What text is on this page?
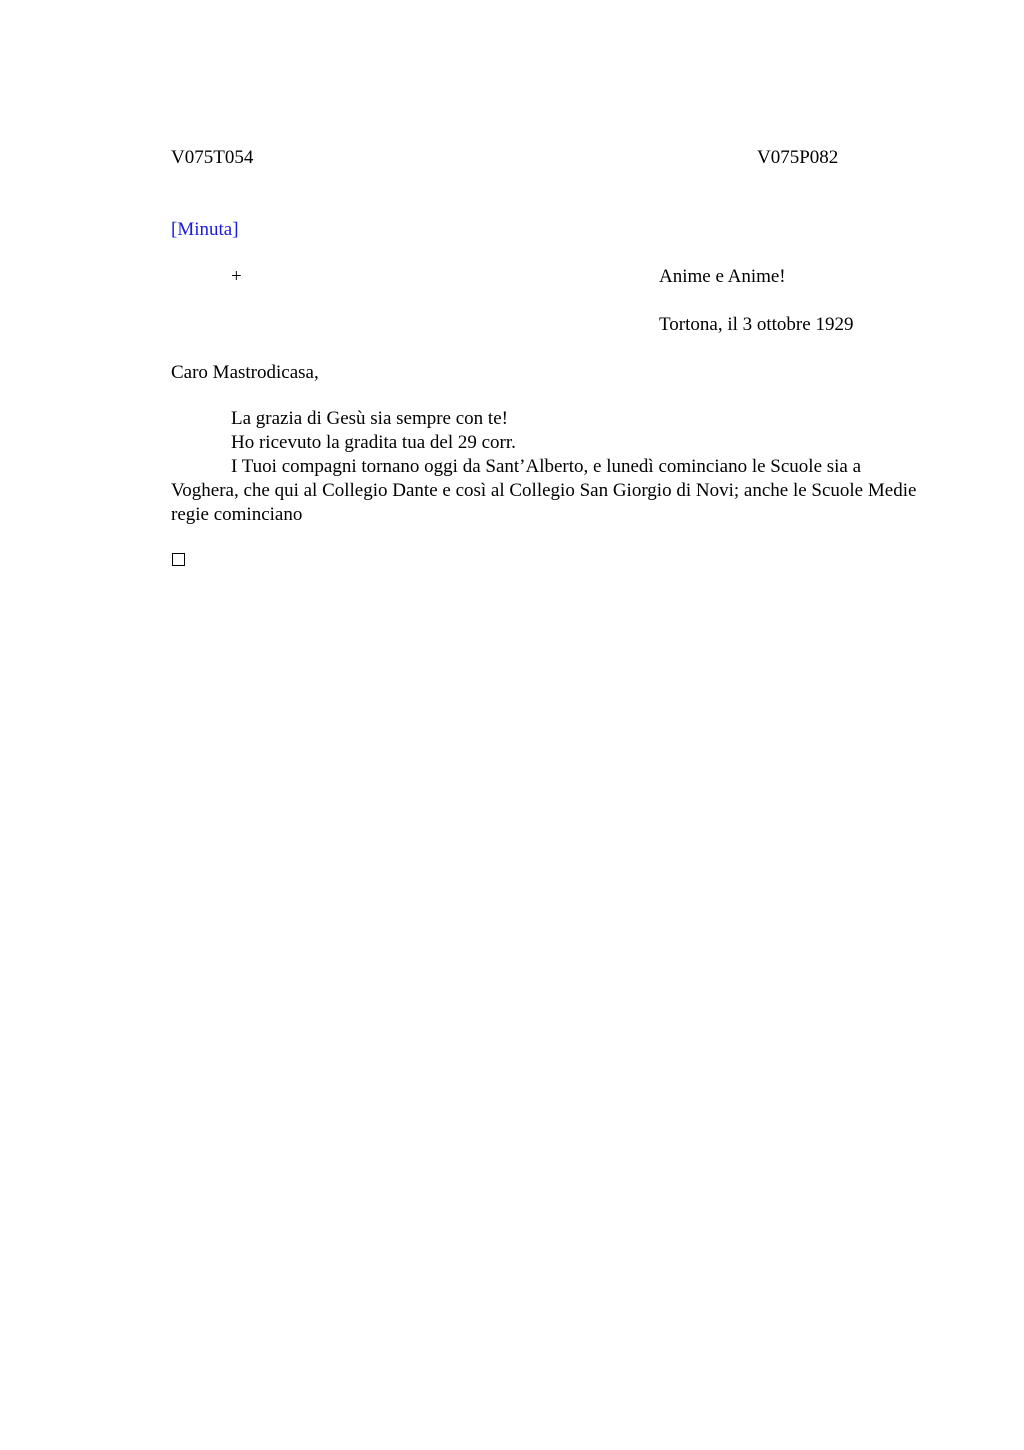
V075T054	V075P082
[Minuta]
+	Anime e Anime!
Tortona, il 3 ottobre 1929
Caro Mastrodicasa,

La grazia di Gesù sia sempre con te!

Ho ricevuto la gradita tua del 29 corr.

I Tuoi compagni tornano oggi da Sant’Alberto, e lunedì cominciano le Scuole sia a Voghera, che qui al Collegio Dante e così al Collegio San Giorgio di Novi; anche le Scuole Medie regie cominciano
